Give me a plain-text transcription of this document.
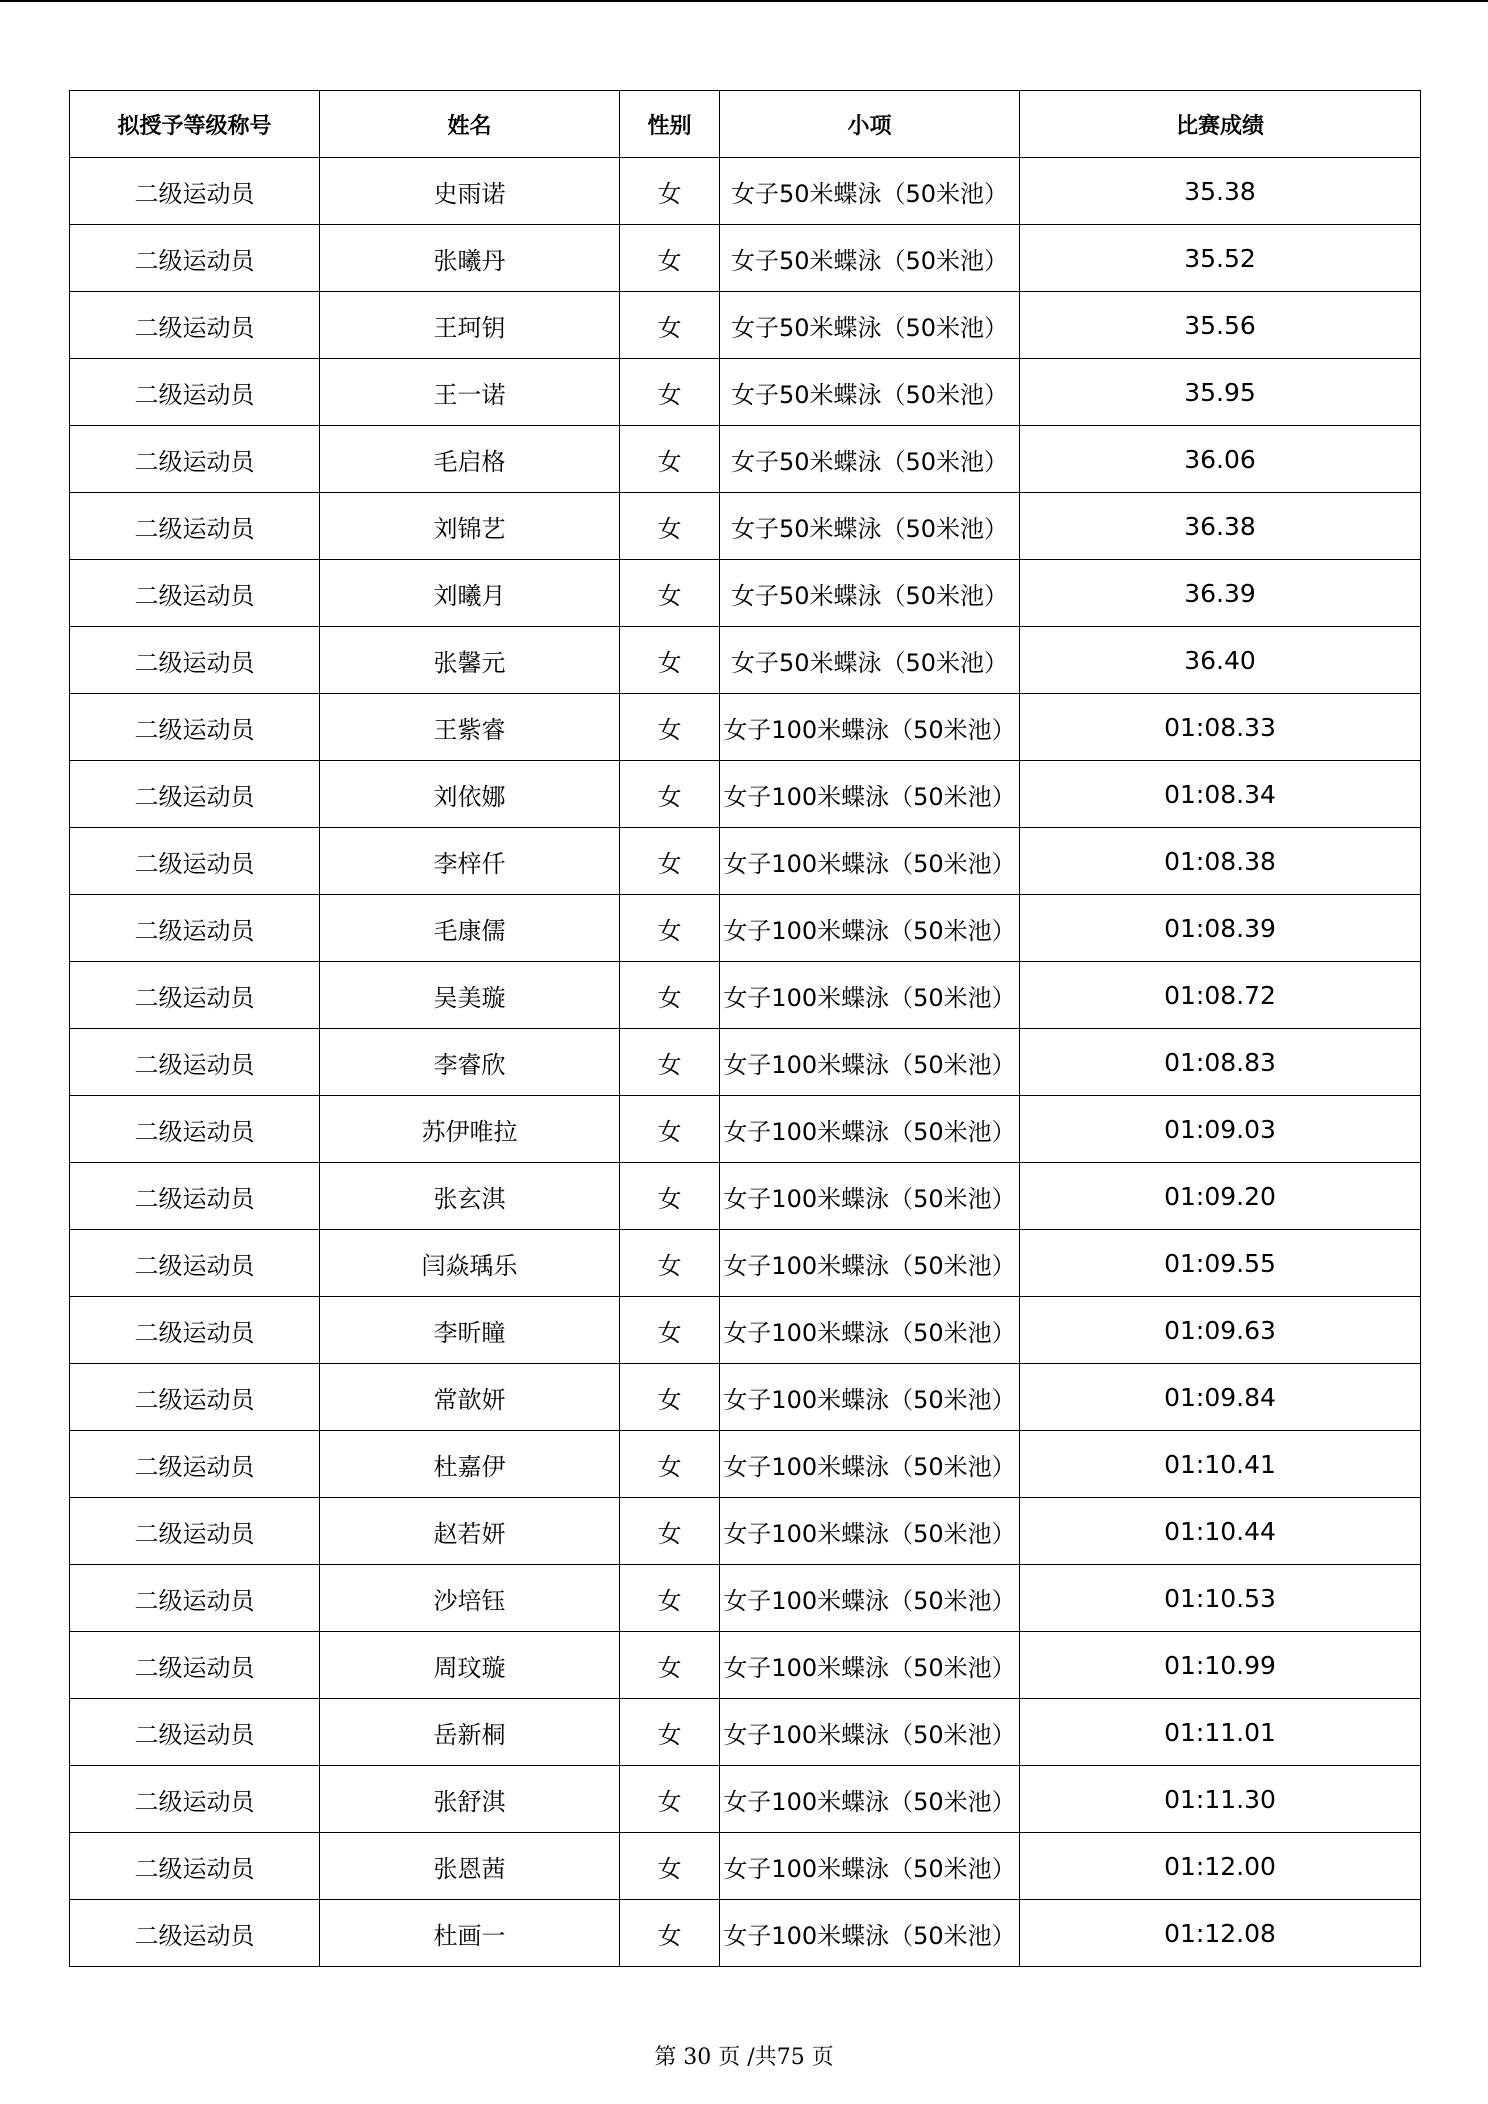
拟授予等级称号	姓名	性别	小项	比赛成绩
二级运动员	史雨诺	女	女子50米蝶泳（50米池）	35.38
二级运动员	张曦丹	女	女子50米蝶泳（50米池）	35.52
二级运动员	王珂钥	女	女子50米蝶泳（50米池）	35.56
二级运动员	王一诺	女	女子50米蝶泳（50米池）	35.95
二级运动员	毛启格	女	女子50米蝶泳（50米池）	36.06
二级运动员	刘锦艺	女	女子50米蝶泳（50米池）	36.38
二级运动员	刘曦月	女	女子50米蝶泳（50米池）	36.39
二级运动员	张馨元	女	女子50米蝶泳（50米池）	36.40
二级运动员	王紫睿	女	女子100米蝶泳（50米池）	01:08.33
二级运动员	刘依娜	女	女子100米蝶泳（50米池）	01:08.34
二级运动员	李梓仟	女	女子100米蝶泳（50米池）	01:08.38
二级运动员	毛康儒	女	女子100米蝶泳（50米池）	01:08.39
二级运动员	吴美璇	女	女子100米蝶泳（50米池）	01:08.72
二级运动员	李睿欣	女	女子100米蝶泳（50米池）	01:08.83
二级运动员	苏伊唯拉	女	女子100米蝶泳（50米池）	01:09.03
二级运动员	张玄淇	女	女子100米蝶泳（50米池）	01:09.20
二级运动员	闫焱瑀乐	女	女子100米蝶泳（50米池）	01:09.55
二级运动员	李昕瞳	女	女子100米蝶泳（50米池）	01:09.63
二级运动员	常歆妍	女	女子100米蝶泳（50米池）	01:09.84
二级运动员	杜嘉伊	女	女子100米蝶泳（50米池）	01:10.41
二级运动员	赵若妍	女	女子100米蝶泳（50米池）	01:10.44
二级运动员	沙培钰	女	女子100米蝶泳（50米池）	01:10.53
二级运动员	周玟璇	女	女子100米蝶泳（50米池）	01:10.99
二级运动员	岳新桐	女	女子100米蝶泳（50米池）	01:11.01
二级运动员	张舒淇	女	女子100米蝶泳（50米池）	01:11.30
二级运动员	张恩茜	女	女子100米蝶泳（50米池）	01:12.00
二级运动员	杜画一	女	女子100米蝶泳（50米池）	01:12.08
第 30 页 /共75 页
